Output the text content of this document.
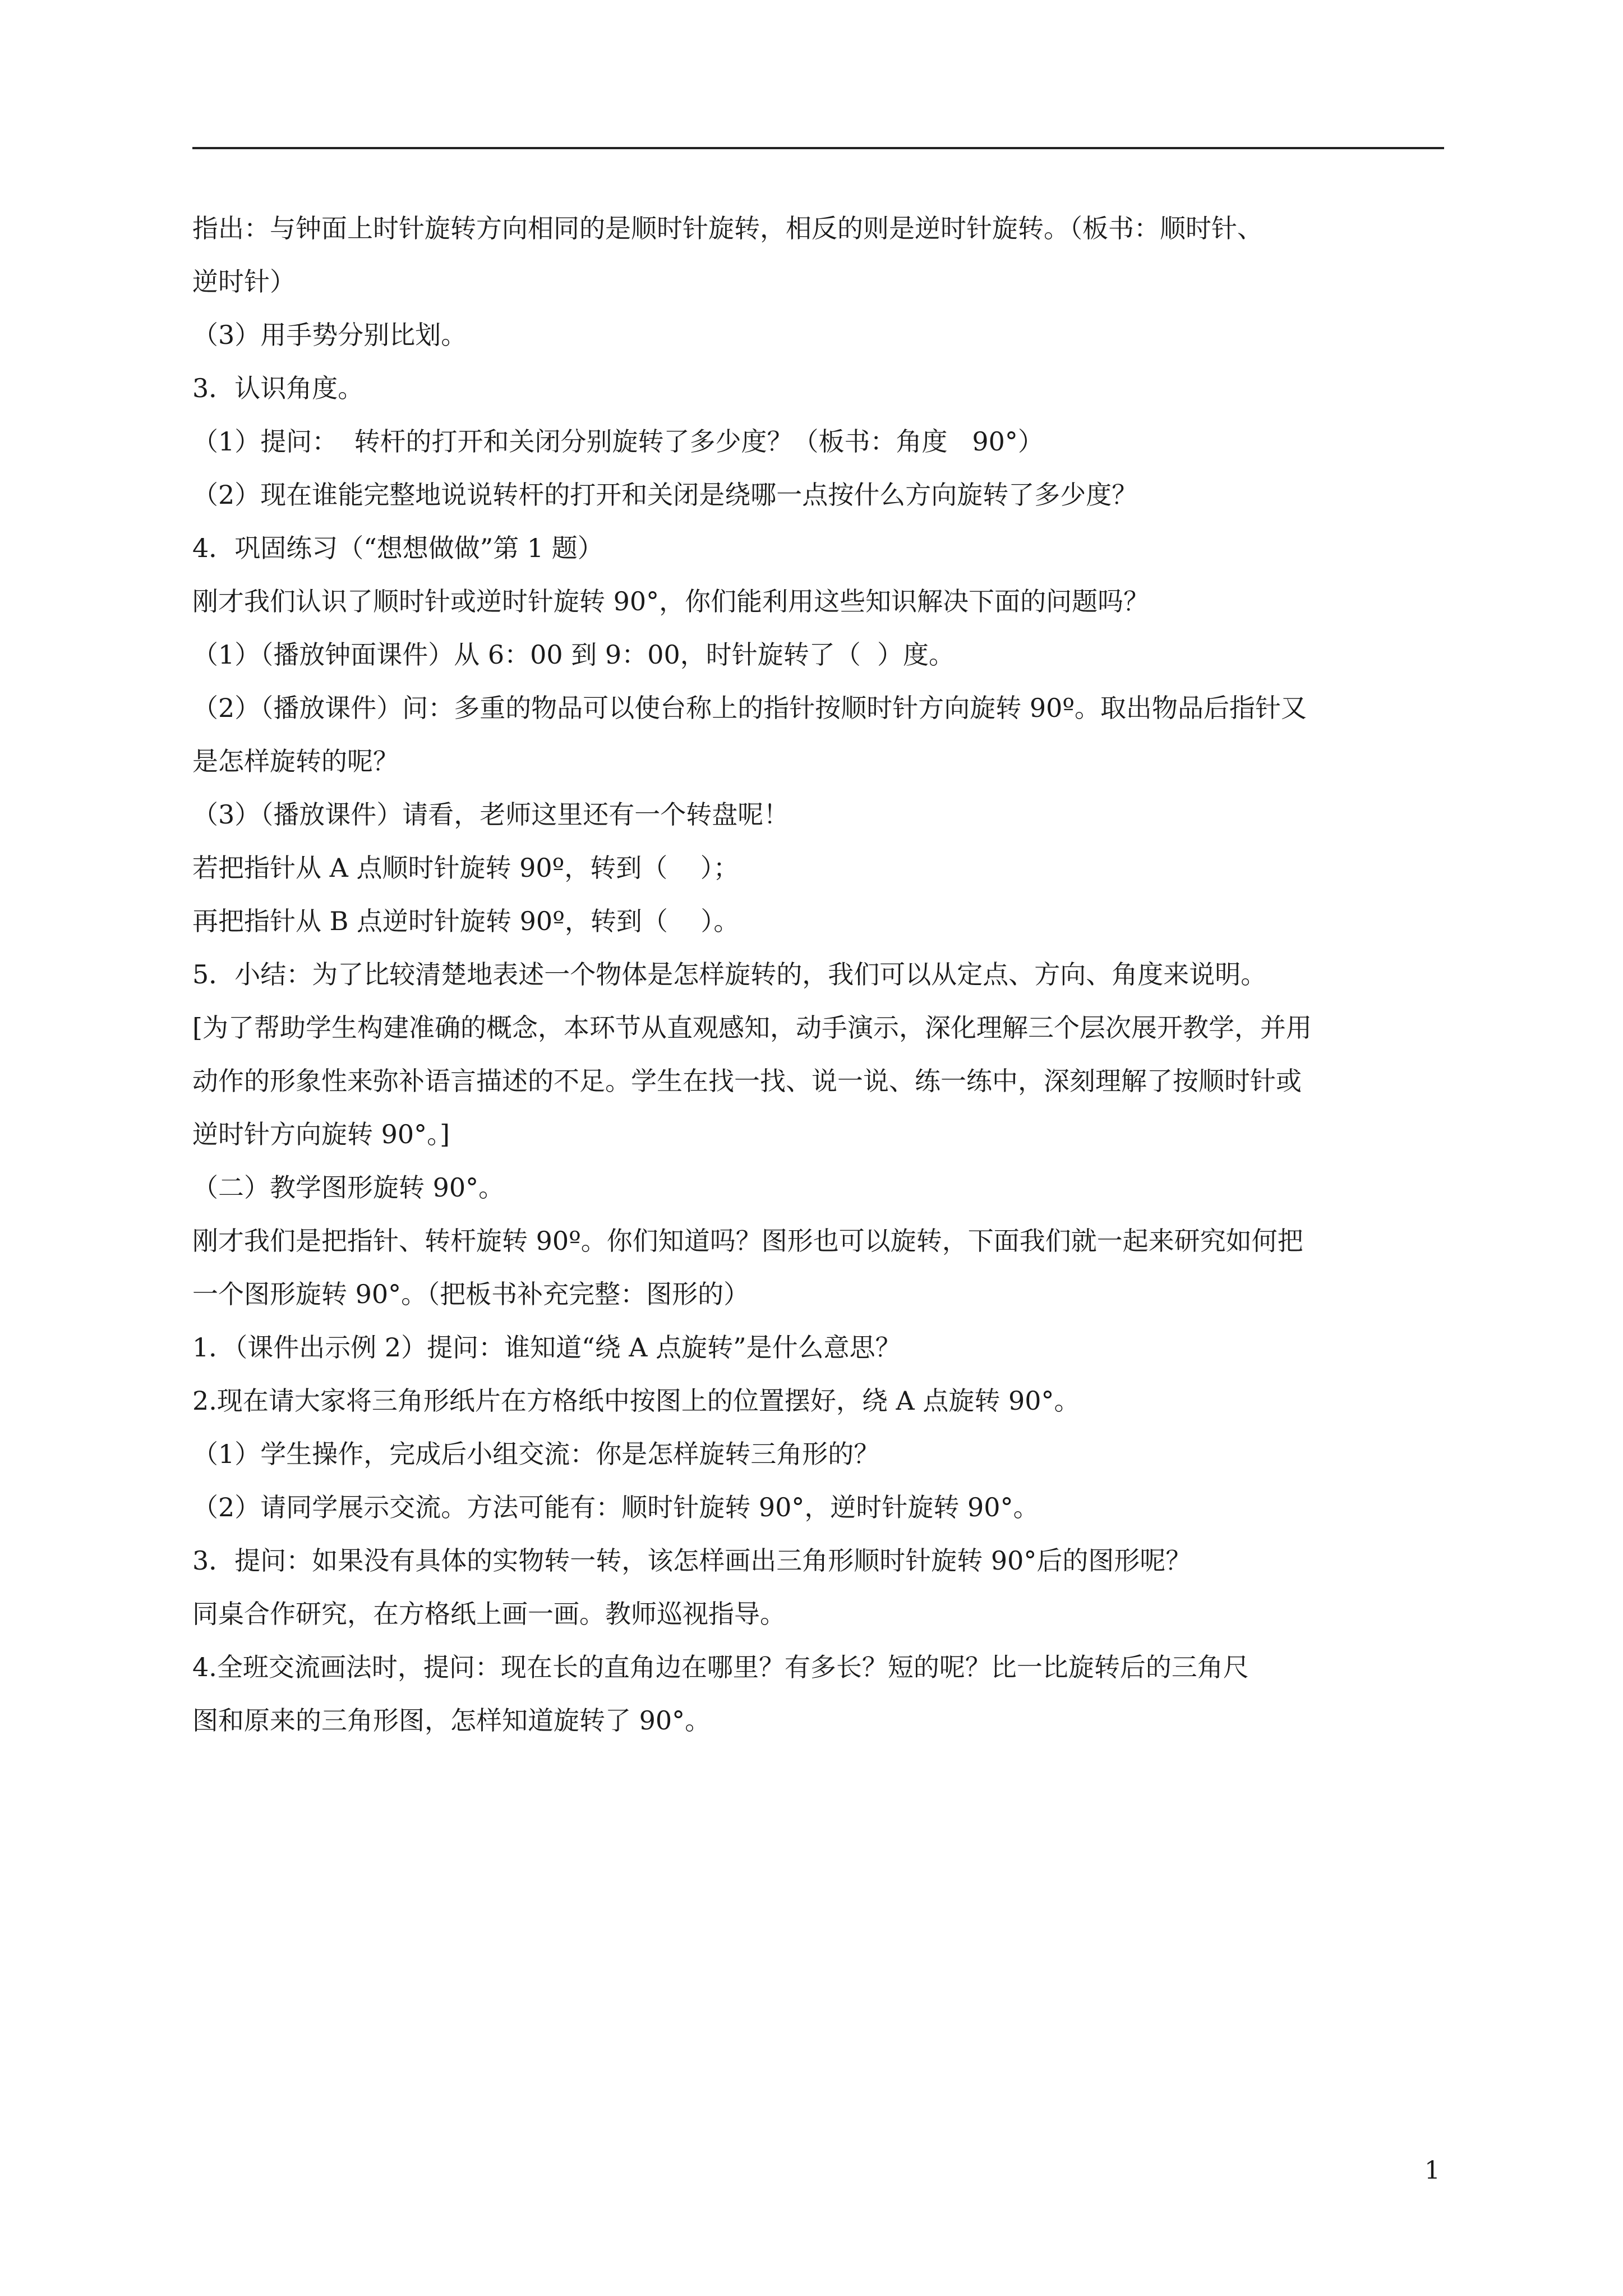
指出：与钟面上时针旋转方向相同的是顺时针旋转，相反的则是逆时针旋转。（板书：顺时针、
逆时针）
（3）用手势分别比划。
3．认识角度。
（1）提问：  转杆的打开和关闭分别旋转了多少度？（板书：角度   90°）
（2）现在谁能完整地说说转杆的打开和关闭是绕哪一点按什么方向旋转了多少度？
4．巩固练习（“想想做做”第 1 题）
刚才我们认识了顺时针或逆时针旋转 90°，你们能利用这些知识解决下面的问题吗？
（1）（播放钟面课件）从 6：00 到 9：00，时针旋转了（  ）度。
（2）（播放课件）问：多重的物品可以使台称上的指针按顺时针方向旋转 90º。取出物品后指针又
是怎样旋转的呢？
（3）（播放课件）请看，老师这里还有一个转盘呢！
若把指针从 A 点顺时针旋转 90º，转到（    ）；
再把指针从 B 点逆时针旋转 90º，转到（    ）。
5．小结：为了比较清楚地表述一个物体是怎样旋转的，我们可以从定点、方向、角度来说明。
[为了帮助学生构建准确的概念，本环节从直观感知，动手演示，深化理解三个层次展开教学，并用
动作的形象性来弥补语言描述的不足。学生在找一找、说一说、练一练中，深刻理解了按顺时针或
逆时针方向旋转 90°。]
（二）教学图形旋转 90°。
刚才我们是把指针、转杆旋转 90º。你们知道吗？图形也可以旋转，下面我们就一起来研究如何把
一个图形旋转 90°。（把板书补充完整：图形的）
1．（课件出示例 2）提问：谁知道“绕 A 点旋转”是什么意思？
2.现在请大家将三角形纸片在方格纸中按图上的位置摆好，绕 A 点旋转 90°。
（1）学生操作，完成后小组交流：你是怎样旋转三角形的？
（2）请同学展示交流。方法可能有：顺时针旋转 90°，逆时针旋转 90°。
3．提问：如果没有具体的实物转一转，该怎样画出三角形顺时针旋转 90°后的图形呢？
同桌合作研究，在方格纸上画一画。教师巡视指导。
4.全班交流画法时，提问：现在长的直角边在哪里？有多长？短的呢？比一比旋转后的三角尺
图和原来的三角形图，怎样知道旋转了 90°。
1
